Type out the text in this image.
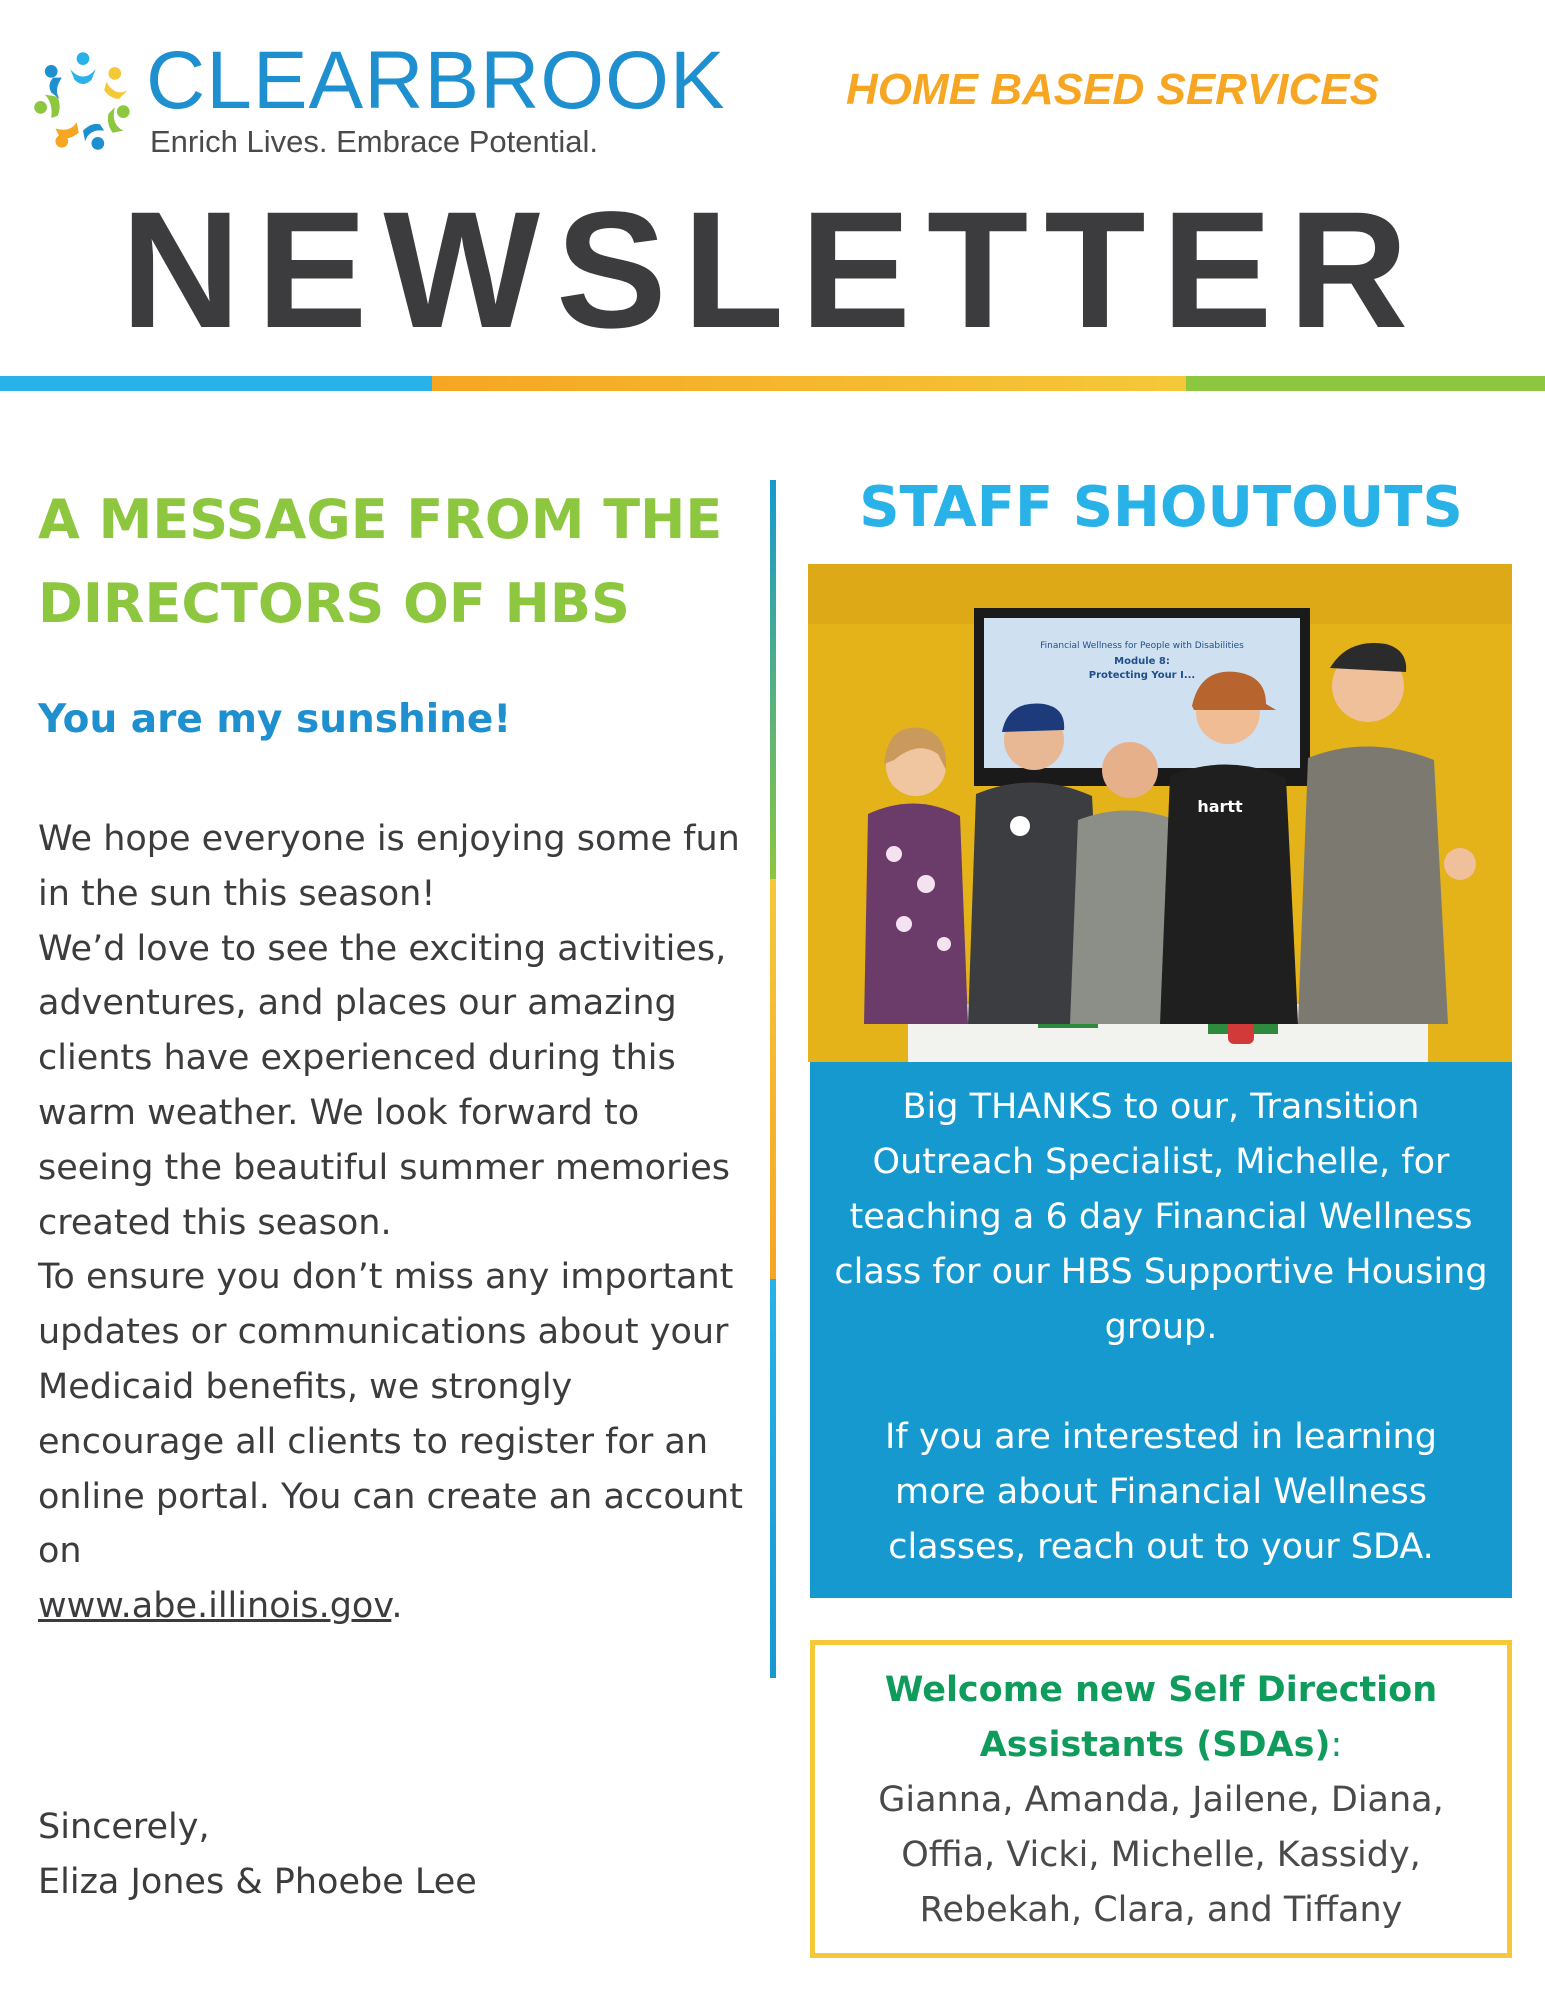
CLEARBROOK
Enrich Lives. Embrace Potential.
HOME BASED SERVICES
NEWSLETTER
A MESSAGE FROM THE DIRECTORS OF HBS
You are my sunshine!

We hope everyone is enjoying some fun in the sun this season!

We’d love to see the exciting activities, adventures, and places our amazing clients have experienced during this warm weather. We look forward to seeing the beautiful summer memories created this season.

To ensure you don’t miss any important updates or communications about your Medicaid benefits, we strongly encourage all clients to register for an online portal. You can create an account on
www.abe.illinois.gov.

Sincerely,

Eliza Jones & Phoebe Lee

STAFF SHOUTOUTS
Financial Wellness for People with Disabilities
Module 8:
Protecting Your I...
hartt

Big THANKS to our, Transition Outreach Specialist, Michelle, for teaching a 6 day Financial Wellness class for our HBS Supportive Housing group.

If you are interested in learning more about Financial Wellness classes, reach out to your SDA.

Welcome new Self Direction Assistants (SDAs):

Gianna, Amanda, Jailene, Diana, Offia, Vicki, Michelle, Kassidy, Rebekah, Clara, and Tiffany
